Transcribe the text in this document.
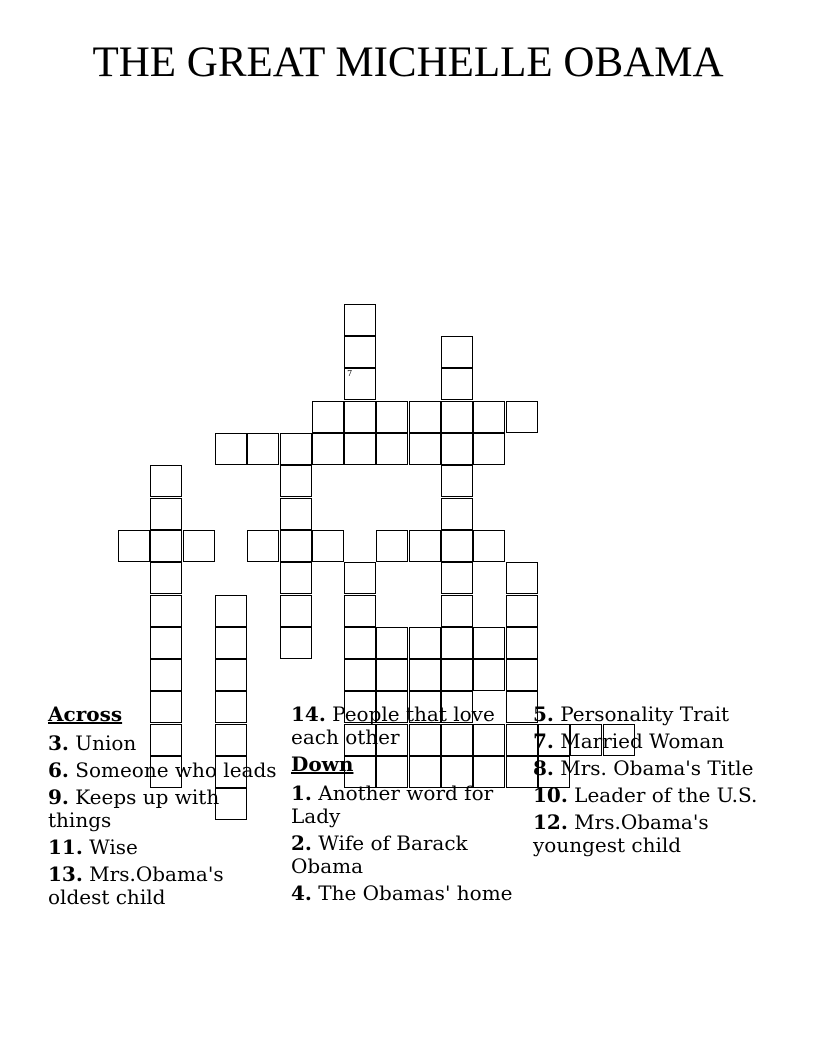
THE GREAT MICHELLE OBAMA
7
Across
3. Union
6. Someone who leads
9. Keeps up with things
11. Wise
13. Mrs.Obama's oldest child
14. People that love each other
Down
1. Another word for Lady
2. Wife of Barack Obama
4. The Obamas' home
5. Personality Trait
7. Married Woman
8. Mrs. Obama's Title
10. Leader of the U.S.
12. Mrs.Obama's youngest child
